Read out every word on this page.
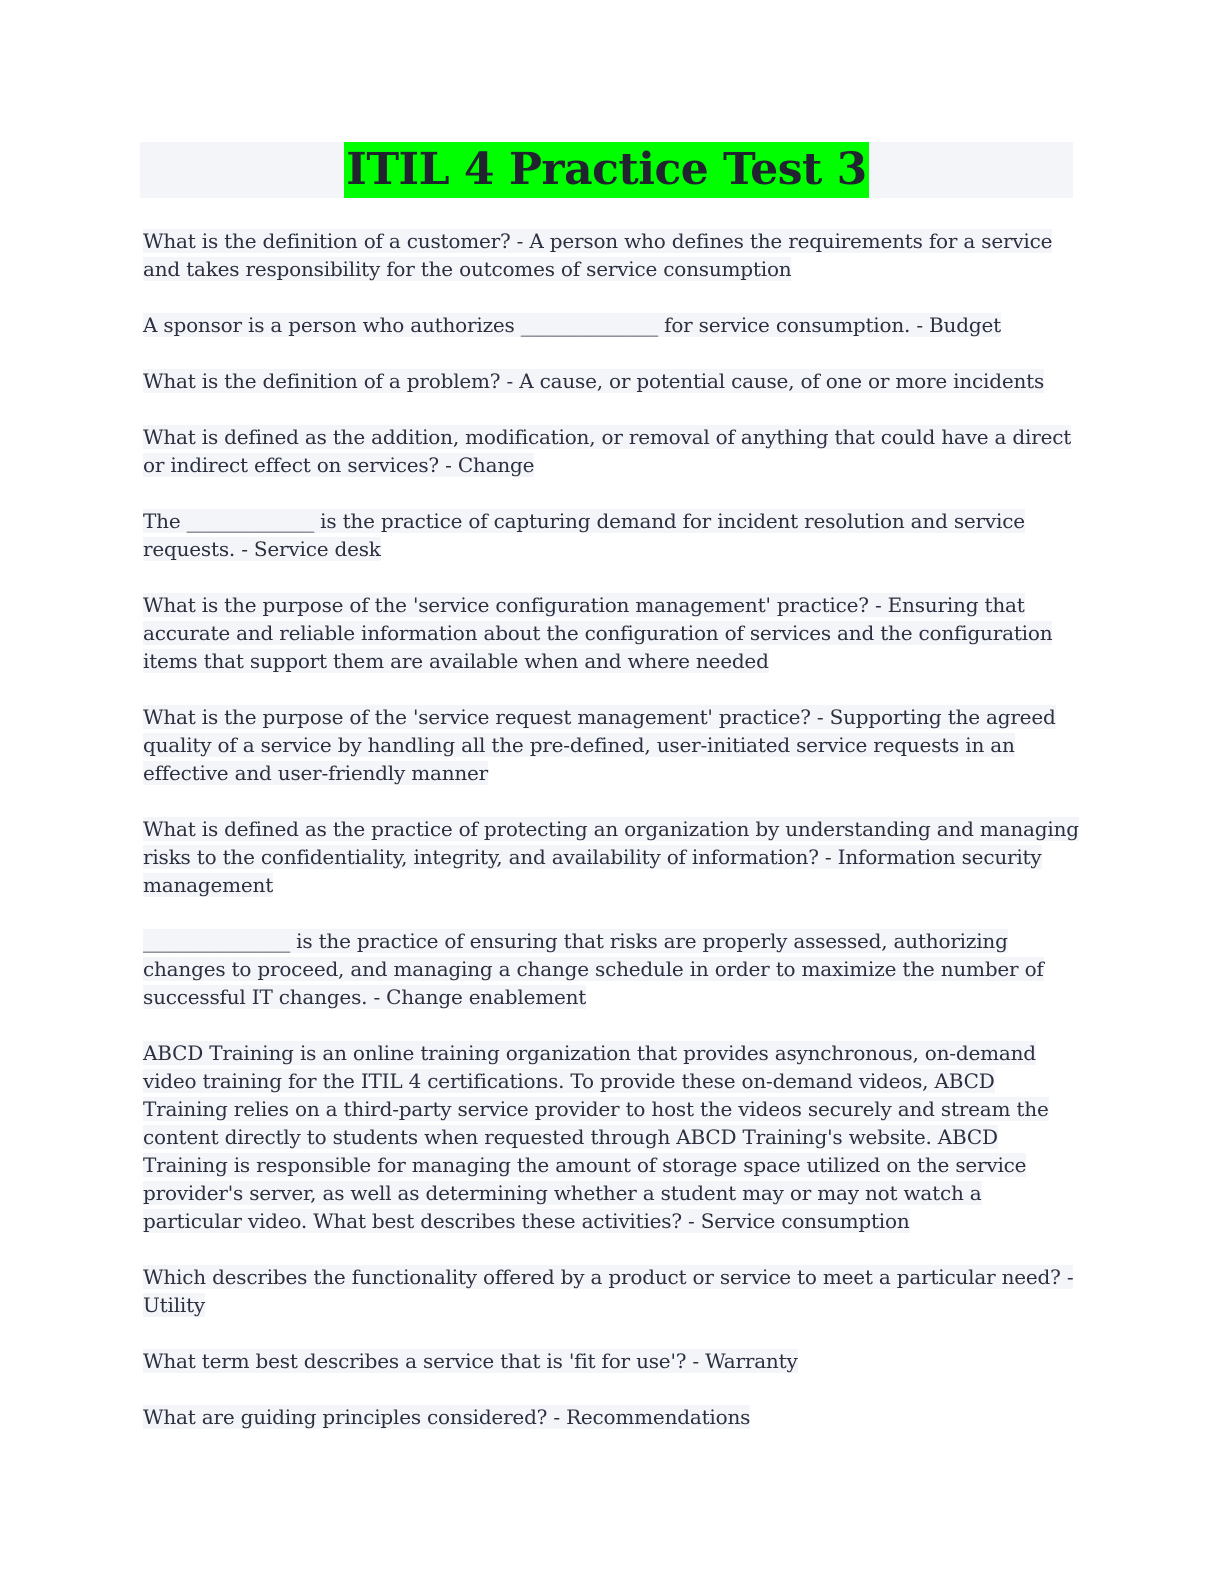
ITIL 4 Practice Test 3

What is the definition of a customer? - A person who defines the requirements for a service and takes responsibility for the outcomes of service consumption

A sponsor is a person who authorizes ______________ for service consumption. - Budget

What is the definition of a problem? - A cause, or potential cause, of one or more incidents

What is defined as the addition, modification, or removal of anything that could have a direct or indirect effect on services? - Change

The _____________ is the practice of capturing demand for incident resolution and service requests. - Service desk

What is the purpose of the 'service configuration management' practice? - Ensuring that accurate and reliable information about the configuration of services and the configuration items that support them are available when and where needed

What is the purpose of the 'service request management' practice? - Supporting the agreed quality of a service by handling all the pre-defined, user-initiated service requests in an effective and user-friendly manner

What is defined as the practice of protecting an organization by understanding and managing risks to the confidentiality, integrity, and availability of information? - Information security management

_______________ is the practice of ensuring that risks are properly assessed, authorizing changes to proceed, and managing a change schedule in order to maximize the number of successful IT changes. - Change enablement

ABCD Training is an online training organization that provides asynchronous, on-demand video training for the ITIL 4 certifications. To provide these on-demand videos, ABCD Training relies on a third-party service provider to host the videos securely and stream the content directly to students when requested through ABCD Training's website. ABCD Training is responsible for managing the amount of storage space utilized on the service provider's server, as well as determining whether a student may or may not watch a particular video. What best describes these activities? - Service consumption

Which describes the functionality offered by a product or service to meet a particular need? - Utility

What term best describes a service that is 'fit for use'? - Warranty

What are guiding principles considered? - Recommendations
